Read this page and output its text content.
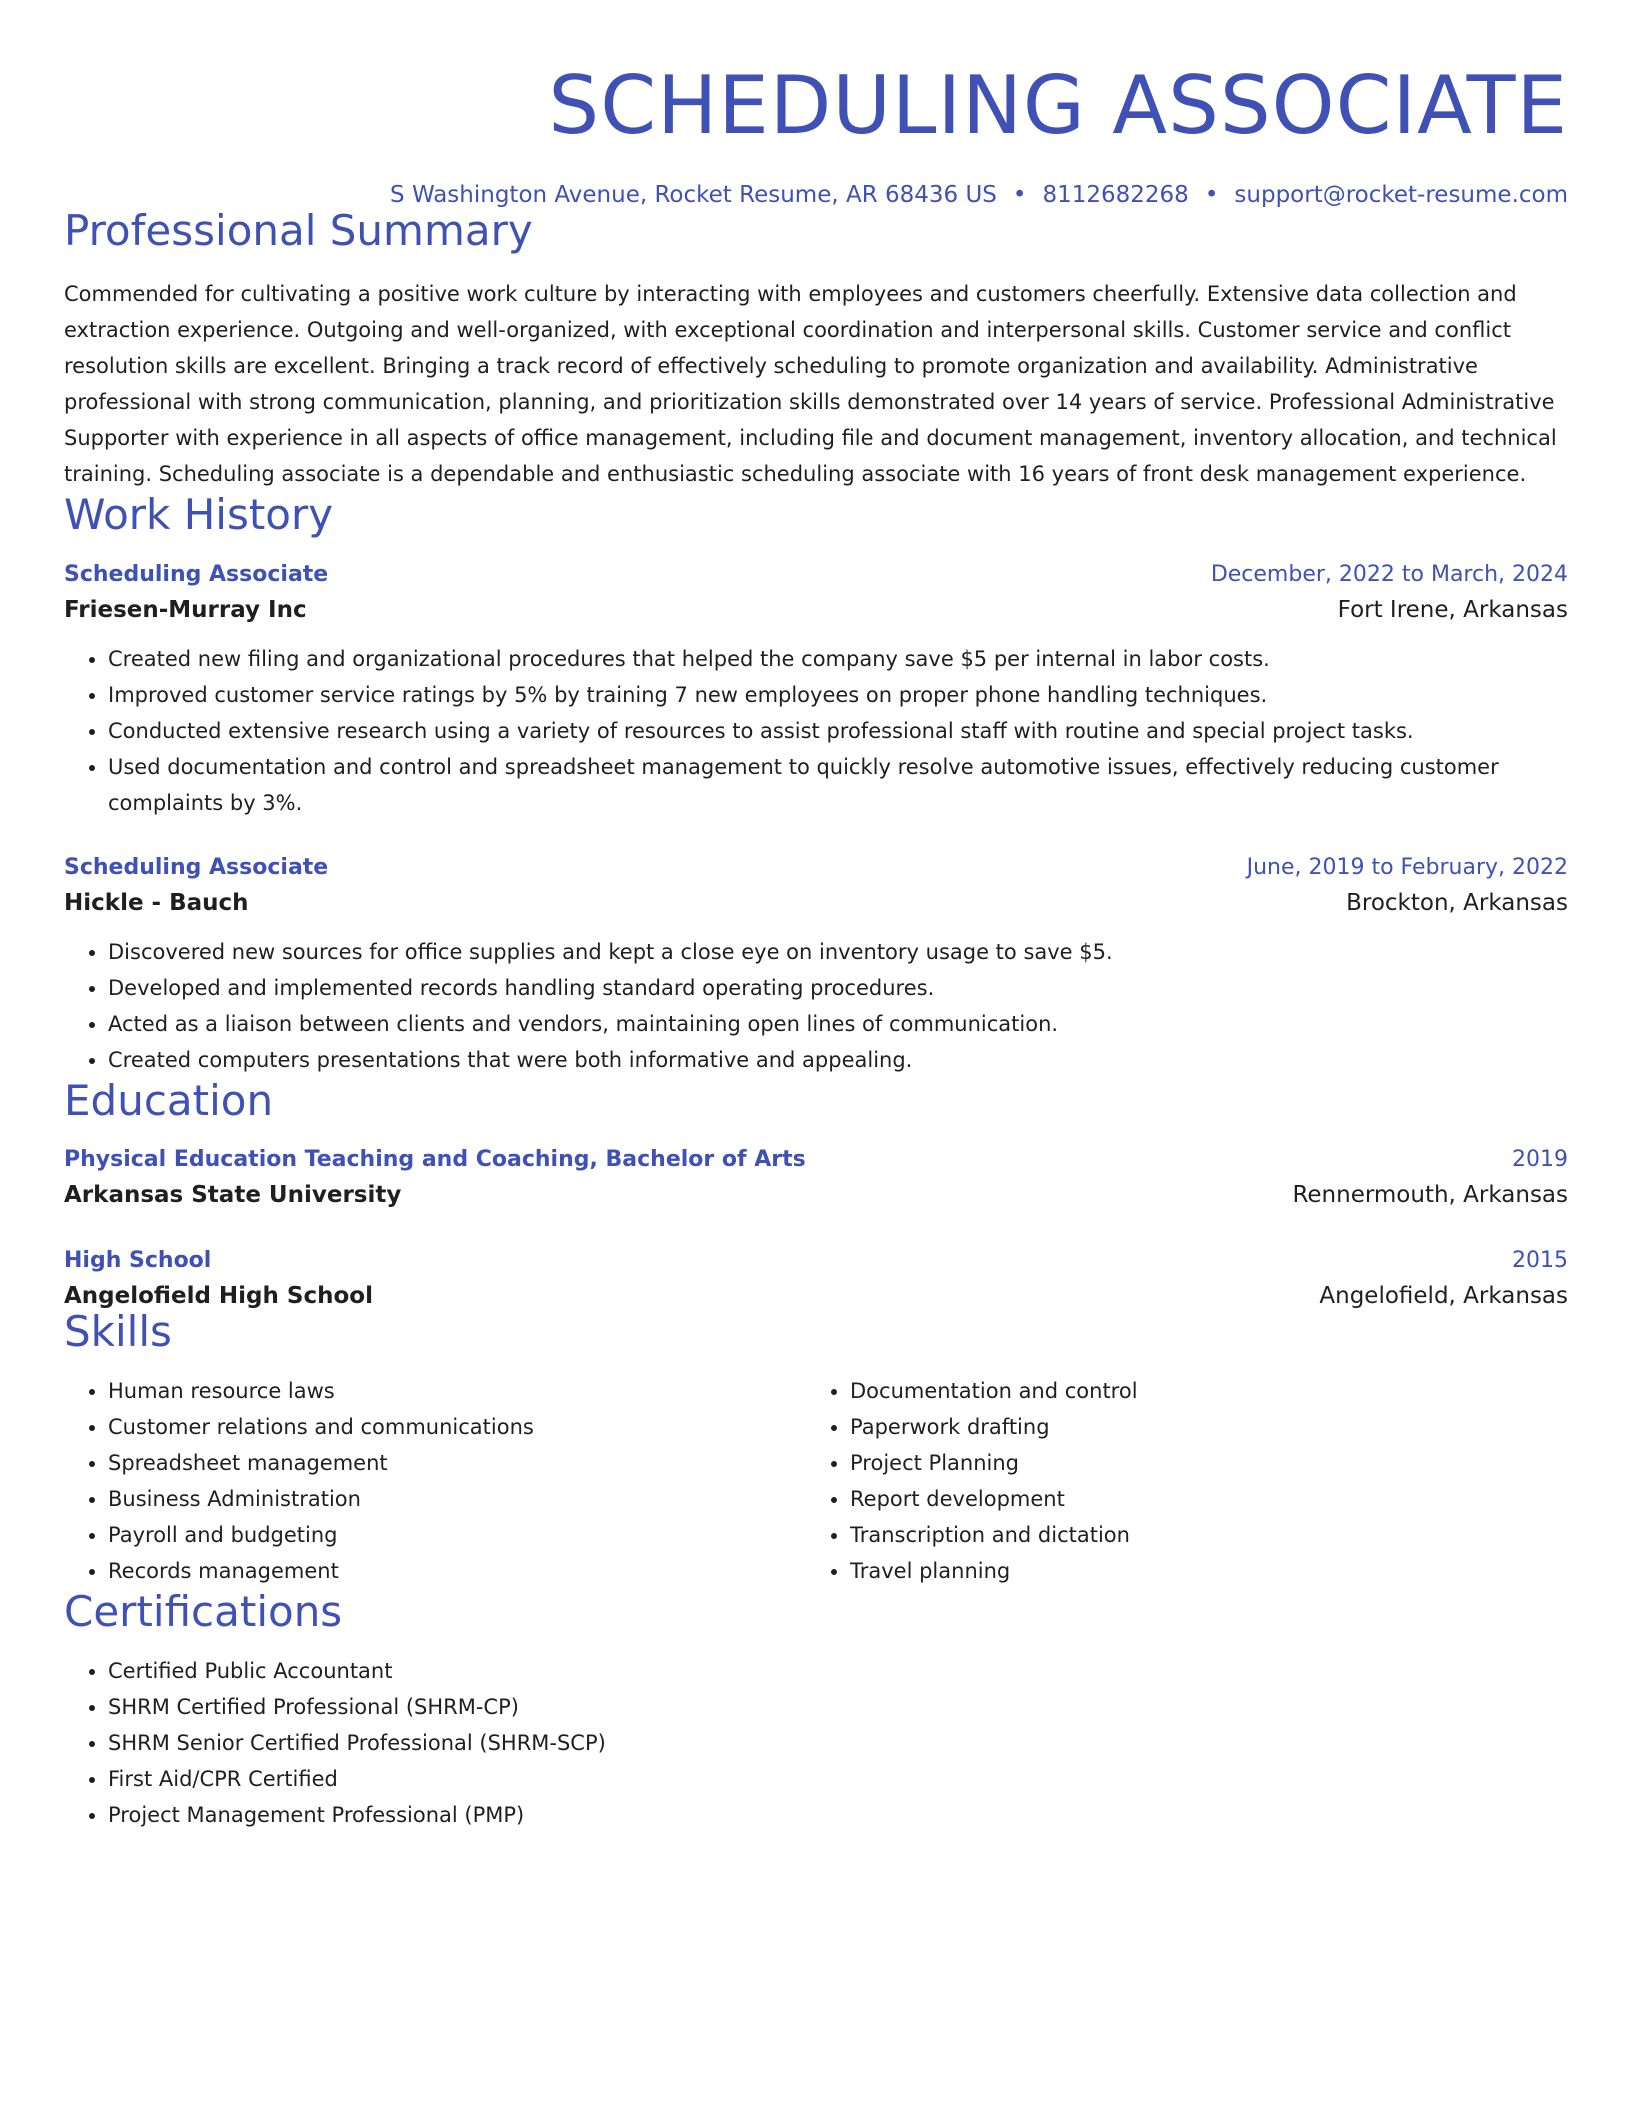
SCHEDULING ASSOCIATE
S Washington Avenue, Rocket Resume, AR 68436 US • 8112682268 • support@rocket-resume.com
Professional Summary

Commended for cultivating a positive work culture by interacting with employees and customers cheerfully. Extensive data collection and extraction experience. Outgoing and well-organized, with exceptional coordination and interpersonal skills. Customer service and conflict resolution skills are excellent. Bringing a track record of effectively scheduling to promote organization and availability. Administrative professional with strong communication, planning, and prioritization skills demonstrated over 14 years of service. Professional Administrative Supporter with experience in all aspects of office management, including file and document management, inventory allocation, and technical training. Scheduling associate is a dependable and enthusiastic scheduling associate with 16 years of front desk management experience.

Work History
Scheduling Associate	December, 2022 to March, 2024
Friesen-Murray Inc	Fort Irene, Arkansas
• Created new filing and organizational procedures that helped the company save $5 per internal in labor costs.
• Improved customer service ratings by 5% by training 7 new employees on proper phone handling techniques.
• Conducted extensive research using a variety of resources to assist professional staff with routine and special project tasks.
• Used documentation and control and spreadsheet management to quickly resolve automotive issues, effectively reducing customer complaints by 3%.
Scheduling Associate	June, 2019 to February, 2022
Hickle - Bauch	Brockton, Arkansas
• Discovered new sources for office supplies and kept a close eye on inventory usage to save $5.
• Developed and implemented records handling standard operating procedures.
• Acted as a liaison between clients and vendors, maintaining open lines of communication.
• Created computers presentations that were both informative and appealing.
Education
Physical Education Teaching and Coaching, Bachelor of Arts	2019
Arkansas State University	Rennermouth, Arkansas
High School	2015
Angelofield High School	Angelofield, Arkansas
Skills
• Human resource laws
• Customer relations and communications
• Spreadsheet management
• Business Administration
• Payroll and budgeting
• Records management
• Documentation and control
• Paperwork drafting
• Project Planning
• Report development
• Transcription and dictation
• Travel planning
Certifications
• Certified Public Accountant
• SHRM Certified Professional (SHRM-CP)
• SHRM Senior Certified Professional (SHRM-SCP)
• First Aid/CPR Certified
• Project Management Professional (PMP)
